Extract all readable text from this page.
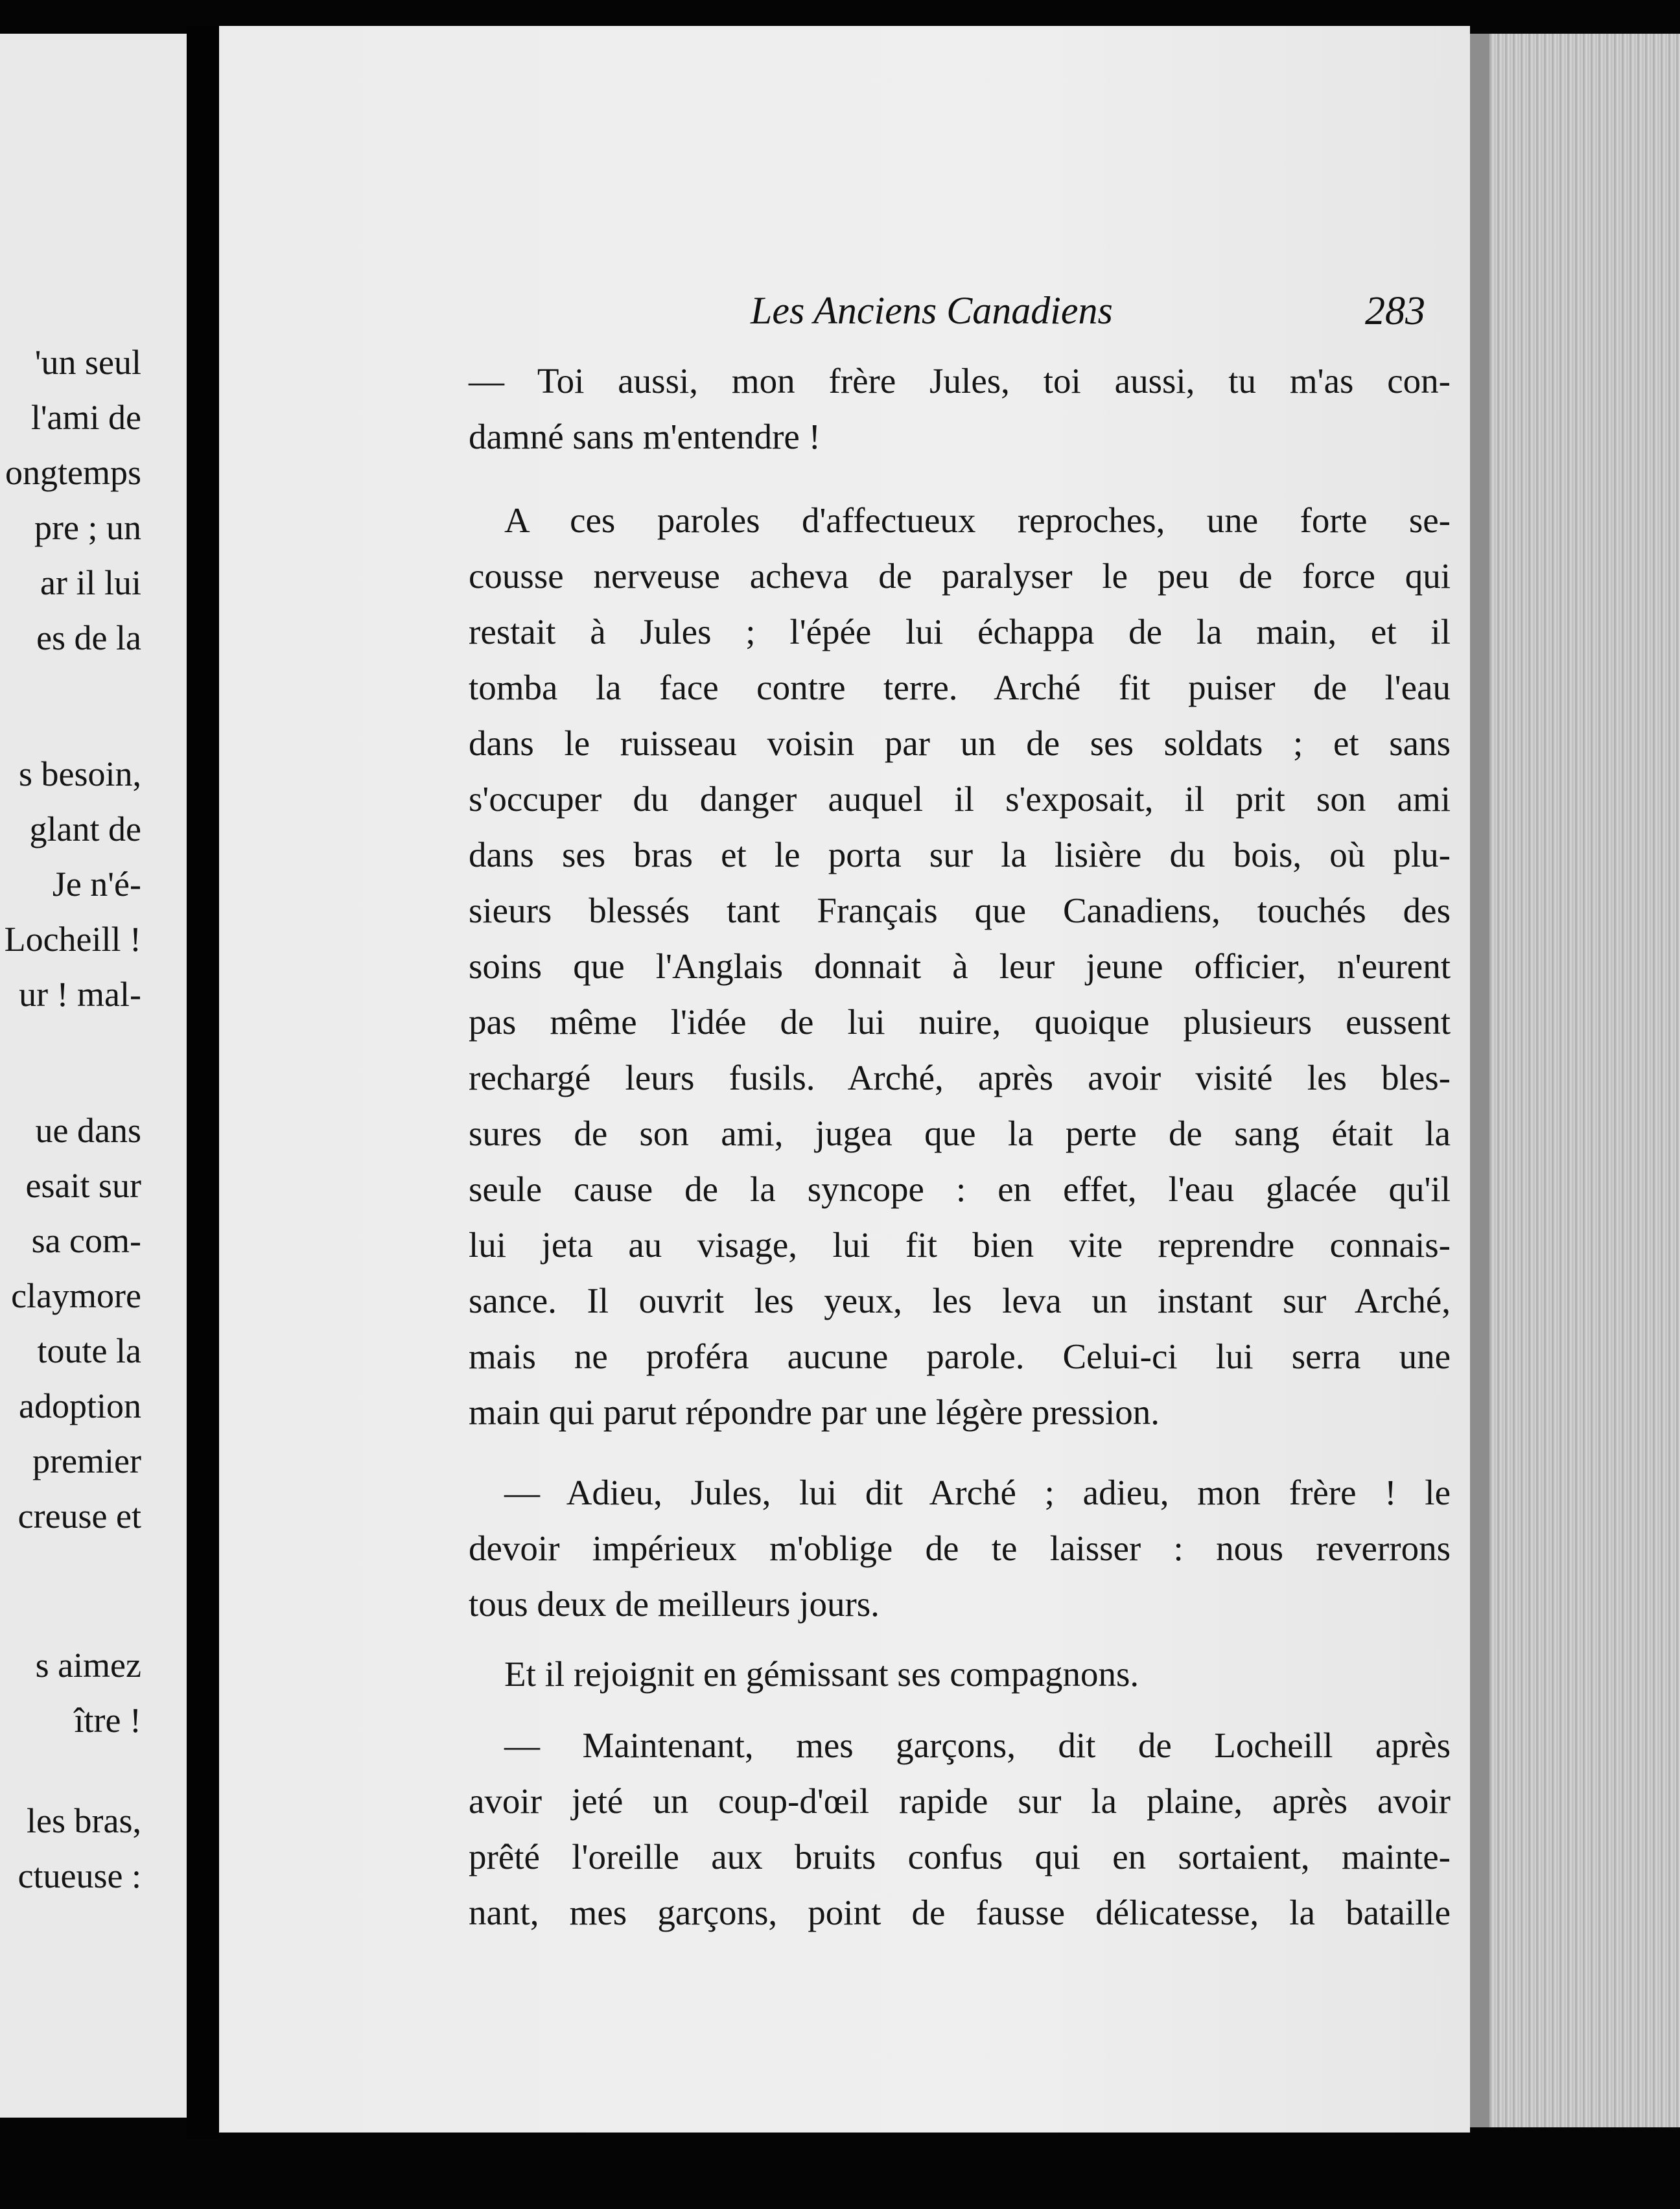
'un seul
l'ami de
ongtemps
pre ; un
ar il lui
es de la
s besoin,
glant de
Je n'é-
Locheill !
ur ! mal-
ue dans
esait sur
sa com-
claymore
toute la
adoption
premier
creuse et
s aimez
ître !
les bras,
ctueuse :
Les Anciens Canadiens	283
— Toi aussi, mon frère Jules, toi aussi, tu m'as con-
damné sans m'entendre !
A ces paroles d'affectueux reproches, une forte se-
cousse nerveuse acheva de paralyser le peu de force qui
restait à Jules ; l'épée lui échappa de la main, et il
tomba la face contre terre. Arché fit puiser de l'eau
dans le ruisseau voisin par un de ses soldats ; et sans
s'occuper du danger auquel il s'exposait, il prit son ami
dans ses bras et le porta sur la lisière du bois, où plu-
sieurs blessés tant Français que Canadiens, touchés des
soins que l'Anglais donnait à leur jeune officier, n'eurent
pas même l'idée de lui nuire, quoique plusieurs eussent
rechargé leurs fusils. Arché, après avoir visité les bles-
sures de son ami, jugea que la perte de sang était la
seule cause de la syncope : en effet, l'eau glacée qu'il
lui jeta au visage, lui fit bien vite reprendre connais-
sance. Il ouvrit les yeux, les leva un instant sur Arché,
mais ne proféra aucune parole. Celui-ci lui serra une
main qui parut répondre par une légère pression.
— Adieu, Jules, lui dit Arché ; adieu, mon frère ! le
devoir impérieux m'oblige de te laisser : nous reverrons
tous deux de meilleurs jours.
Et il rejoignit en gémissant ses compagnons.
— Maintenant, mes garçons, dit de Locheill après
avoir jeté un coup-d'œil rapide sur la plaine, après avoir
prêté l'oreille aux bruits confus qui en sortaient, mainte-
nant, mes garçons, point de fausse délicatesse, la bataille
